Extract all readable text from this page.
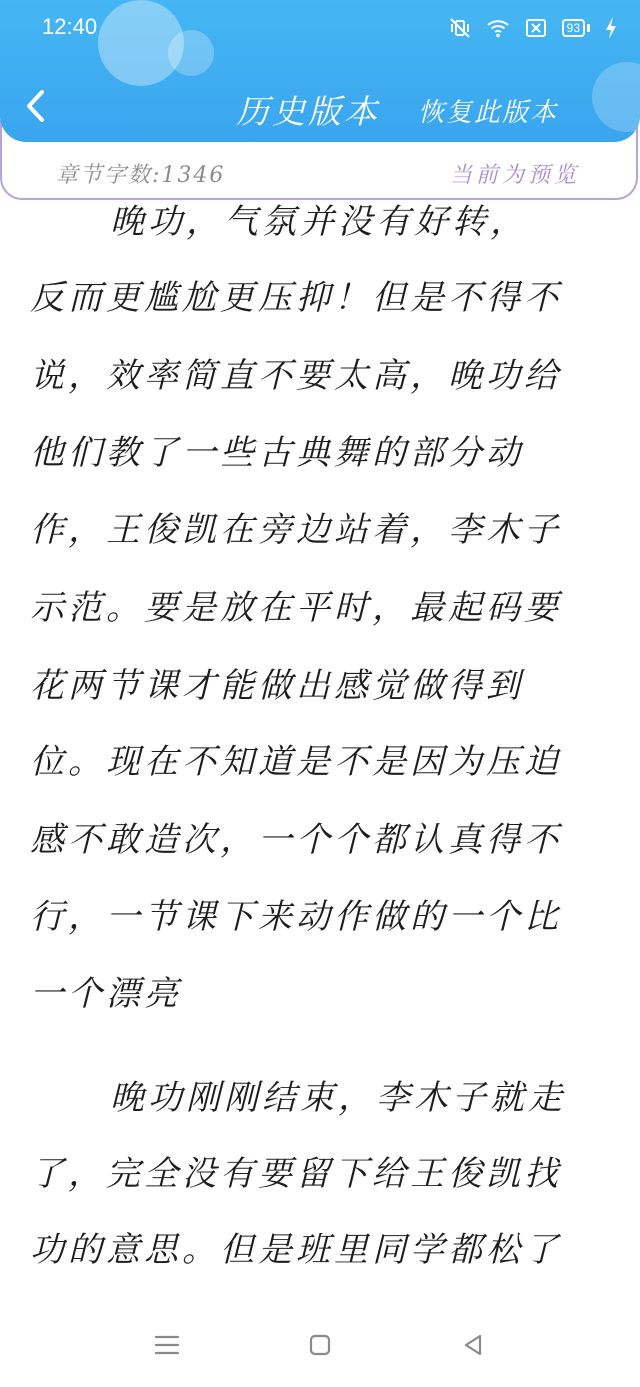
12:40	93
历史版本 恢复此版本
章节字数:1346	当前为预览
晚功，气氛并没有好转，
反而更尴尬更压抑！但是不得不
说，效率简直不要太高，晚功给
他们教了一些古典舞的部分动
作，王俊凯在旁边站着，李木子
示范。要是放在平时，最起码要
花两节课才能做出感觉做得到
位。现在不知道是不是因为压迫
感不敢造次，一个个都认真得不
行，一节课下来动作做的一个比
一个漂亮
晚功刚刚结束，李木子就走
了，完全没有要留下给王俊凯找
功的意思。但是班里同学都松了
